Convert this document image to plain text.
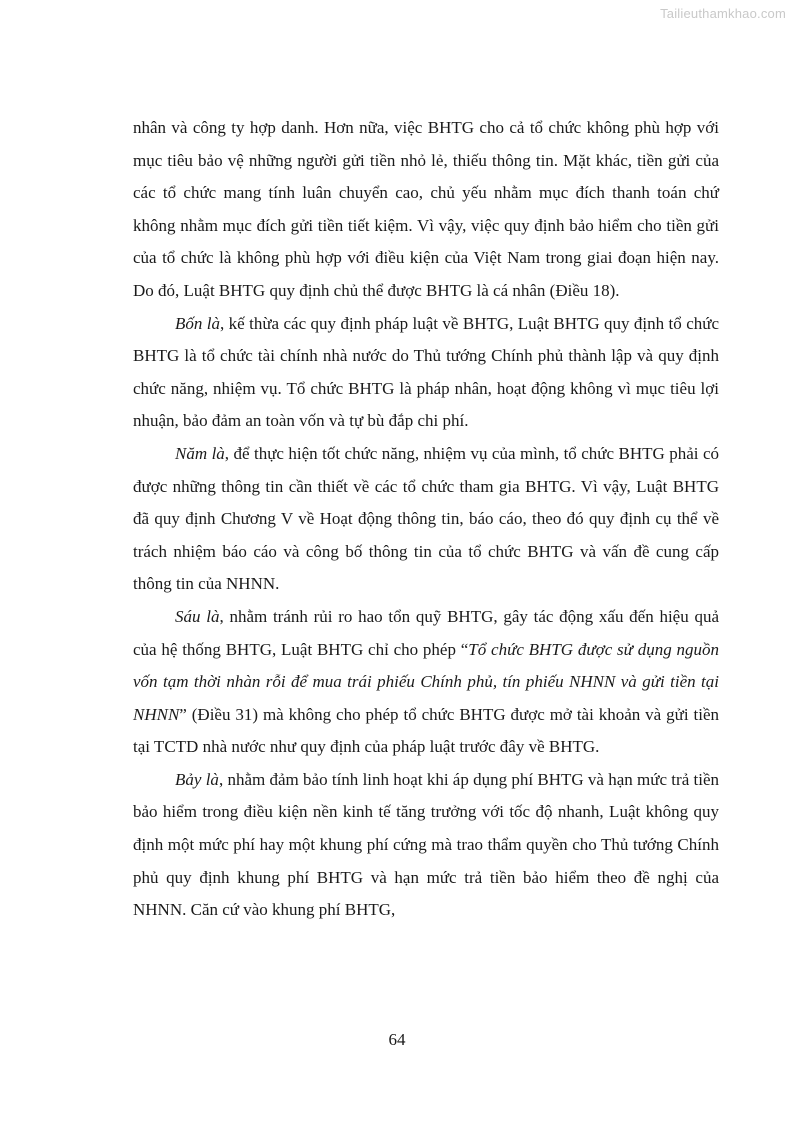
Tailieuthamkhao.com

nhân và công ty hợp danh. Hơn nữa, việc BHTG cho cả tổ chức không phù hợp với mục tiêu bảo vệ những người gửi tiền nhỏ lẻ, thiếu thông tin. Mặt khác, tiền gửi của các tổ chức mang tính luân chuyển cao, chủ yếu nhằm mục đích thanh toán chứ không nhằm mục đích gửi tiền tiết kiệm. Vì vậy, việc quy định bảo hiểm cho tiền gửi của tổ chức là không phù hợp với điều kiện của Việt Nam trong giai đoạn hiện nay. Do đó, Luật BHTG quy định chủ thể được BHTG là cá nhân (Điều 18).

Bốn là, kế thừa các quy định pháp luật về BHTG, Luật BHTG quy định tổ chức BHTG là tổ chức tài chính nhà nước do Thủ tướng Chính phủ thành lập và quy định chức năng, nhiệm vụ. Tổ chức BHTG là pháp nhân, hoạt động không vì mục tiêu lợi nhuận, bảo đảm an toàn vốn và tự bù đắp chi phí.

Năm là, để thực hiện tốt chức năng, nhiệm vụ của mình, tổ chức BHTG phải có được những thông tin cần thiết về các tổ chức tham gia BHTG. Vì vậy, Luật BHTG đã quy định Chương V về Hoạt động thông tin, báo cáo, theo đó quy định cụ thể về trách nhiệm báo cáo và công bố thông tin của tổ chức BHTG và vấn đề cung cấp thông tin của NHNN.

Sáu là, nhằm tránh rủi ro hao tổn quỹ BHTG, gây tác động xấu đến hiệu quả của hệ thống BHTG, Luật BHTG chỉ cho phép “Tổ chức BHTG được sử dụng nguồn vốn tạm thời nhàn rỗi để mua trái phiếu Chính phủ, tín phiếu NHNN và gửi tiền tại NHNN” (Điều 31) mà không cho phép tổ chức BHTG được mở tài khoản và gửi tiền tại TCTD nhà nước như quy định của pháp luật trước đây về BHTG.

Bảy là, nhằm đảm bảo tính linh hoạt khi áp dụng phí BHTG và hạn mức trả tiền bảo hiểm trong điều kiện nền kinh tế tăng trưởng với tốc độ nhanh, Luật không quy định một mức phí hay một khung phí cứng mà trao thẩm quyền cho Thủ tướng Chính phủ quy định khung phí BHTG và hạn mức trả tiền bảo hiểm theo đề nghị của NHNN. Căn cứ vào khung phí BHTG,

64
